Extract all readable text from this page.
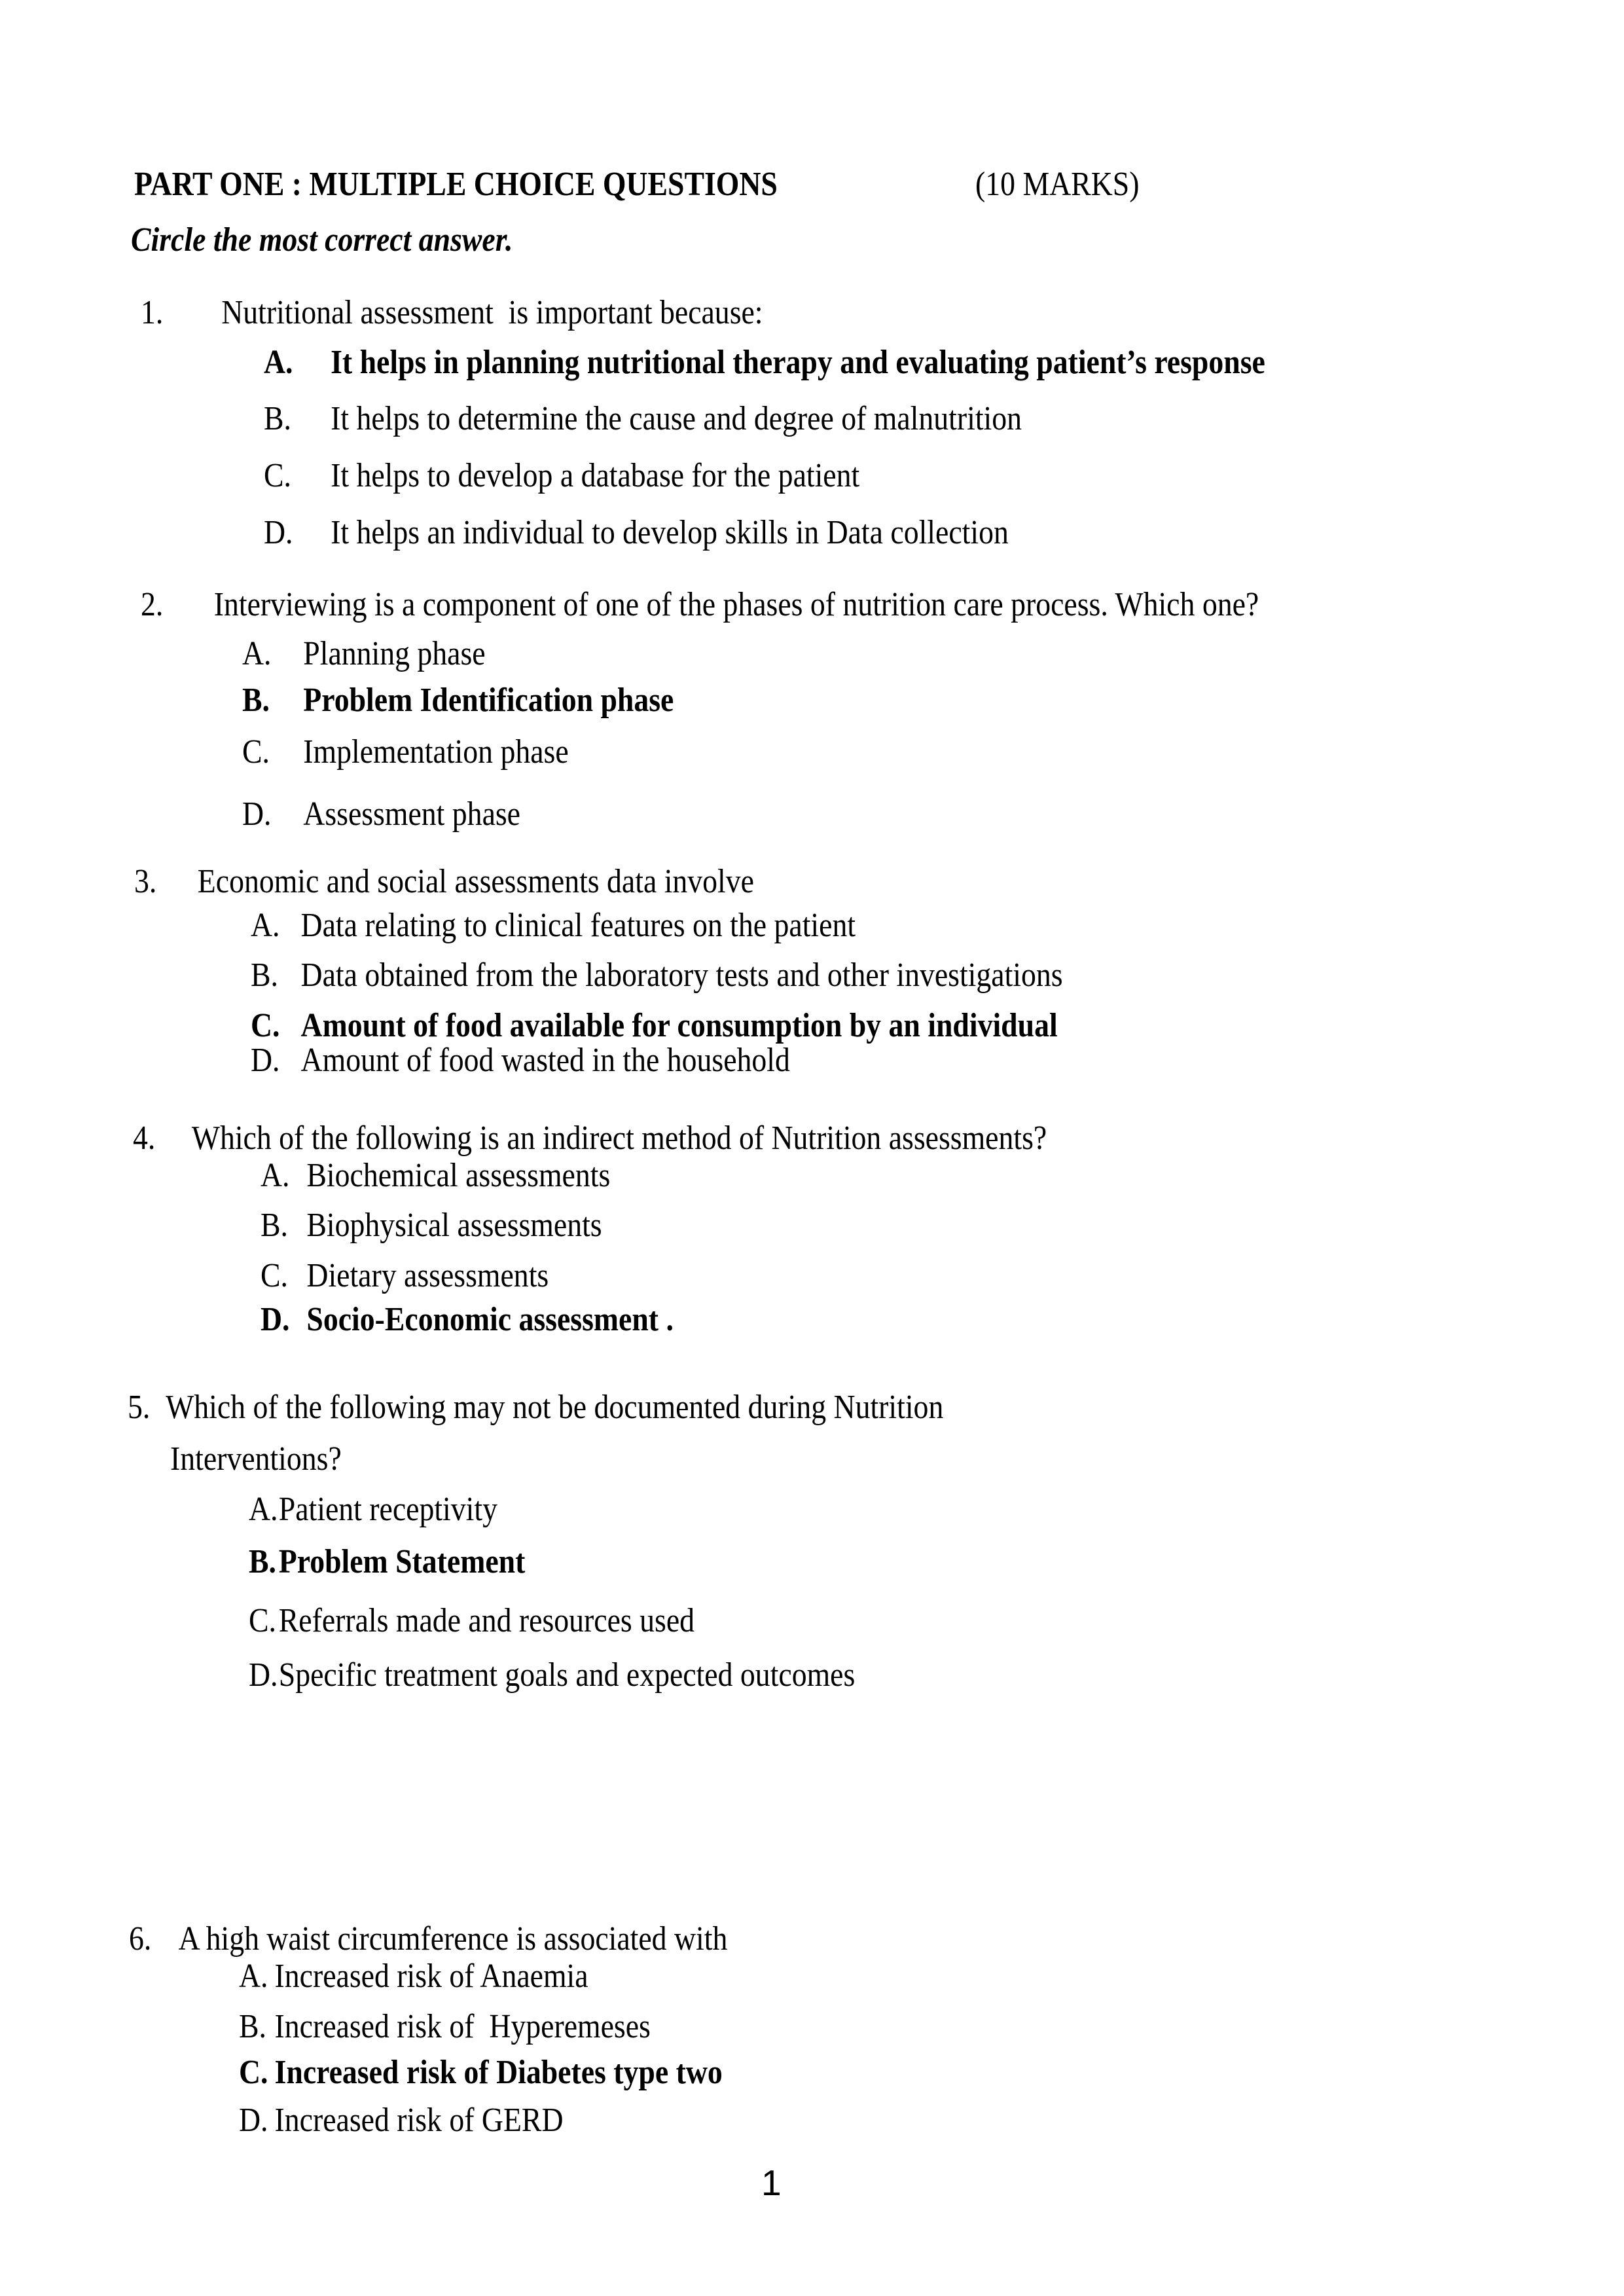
PART ONE : MULTIPLE CHOICE QUESTIONS	(10 MARKS)
Circle the most correct answer.
1. Nutritional assessment  is important because:
A. It helps in planning nutritional therapy and evaluating patient’s response
B. It helps to determine the cause and degree of malnutrition
C. It helps to develop a database for the patient
D. It helps an individual to develop skills in Data collection
2. Interviewing is a component of one of the phases of nutrition care process. Which one?
A. Planning phase
B. Problem Identification phase
C. Implementation phase
D. Assessment phase
3. Economic and social assessments data involve
A. Data relating to clinical features on the patient
B. Data obtained from the laboratory tests and other investigations
C. Amount of food available for consumption by an individual
D. Amount of food wasted in the household
4. Which of the following is an indirect method of Nutrition assessments?
A. Biochemical assessments
B. Biophysical assessments
C. Dietary assessments
D. Socio-Economic assessment .
5. Which of the following may not be documented during Nutrition
Interventions?
A.Patient receptivity
B.Problem Statement
C.Referrals made and resources used
D.Specific treatment goals and expected outcomes
6. A high waist circumference is associated with
A. Increased risk of Anaemia
B. Increased risk of  Hyperemeses
C. Increased risk of Diabetes type two
D. Increased risk of GERD
1
